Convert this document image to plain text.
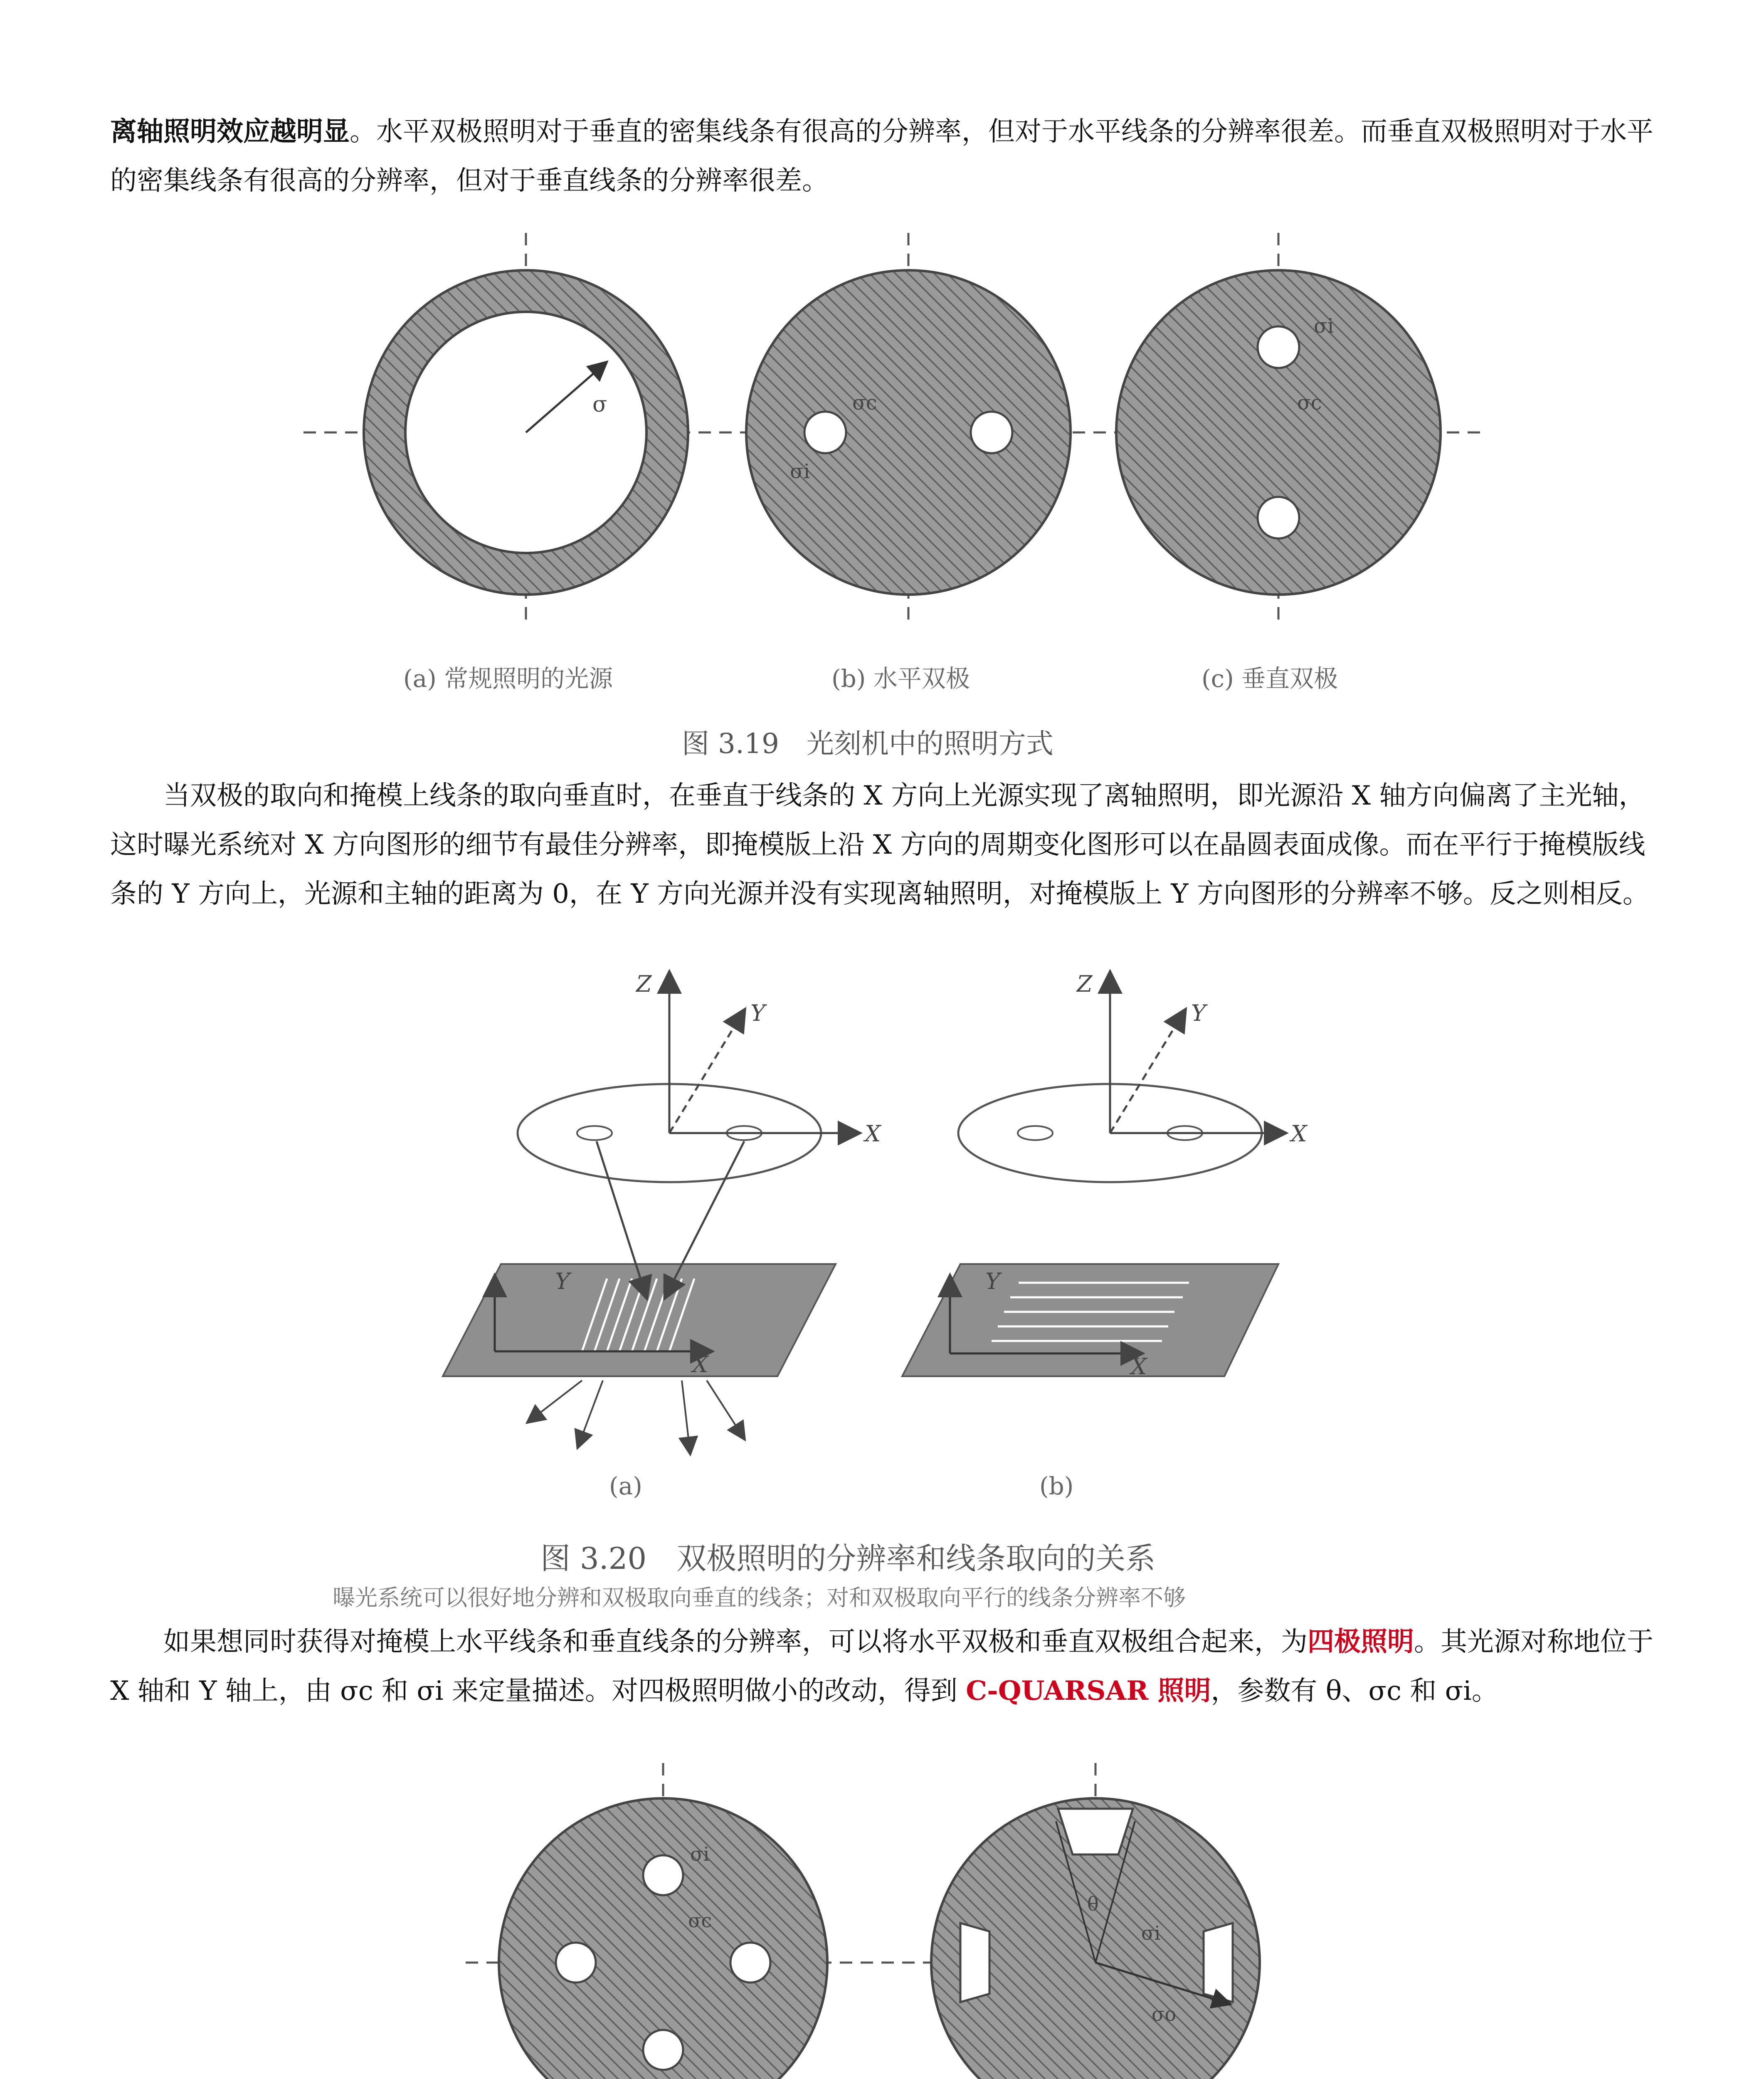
离轴照明效应越明显。水平双极照明对于垂直的密集线条有很高的分辨率，但对于水平线条的分辨率很差。而垂直双极照明对于水平的密集线条有很高的分辨率，但对于垂直线条的分辨率很差。

σ	σc
σi
σi
σc
(a) 常规照明的光源	(b) 水平双极	(c) 垂直双极
图 3.19　光刻机中的照明方式

当双极的取向和掩模上线条的取向垂直时，在垂直于线条的 X 方向上光源实现了离轴照明，即光源沿 X 轴方向偏离了主光轴，这时曝光系统对 X 方向图形的细节有最佳分辨率，即掩模版上沿 X 方向的周期变化图形可以在晶圆表面成像。而在平行于掩模版线条的 Y 方向上，光源和主轴的距离为 0，在 Y 方向光源并没有实现离轴照明，对掩模版上 Y 方向图形的分辨率不够。反之则相反。

Z
Y
X
Y
X
Z
Y
X
Y
X
(a)	(b)
图 3.20　双极照明的分辨率和线条取向的关系
曝光系统可以很好地分辨和双极取向垂直的线条；对和双极取向平行的线条分辨率不够

如果想同时获得对掩模上水平线条和垂直线条的分辨率，可以将水平双极和垂直双极组合起来，为四极照明。其光源对称地位于 X 轴和 Y 轴上，由 σc 和 σi 来定量描述。对四极照明做小的改动，得到 C-QUARSAR 照明，参数有 θ、σc 和 σi。

σi
σc
θ
σi
σo
